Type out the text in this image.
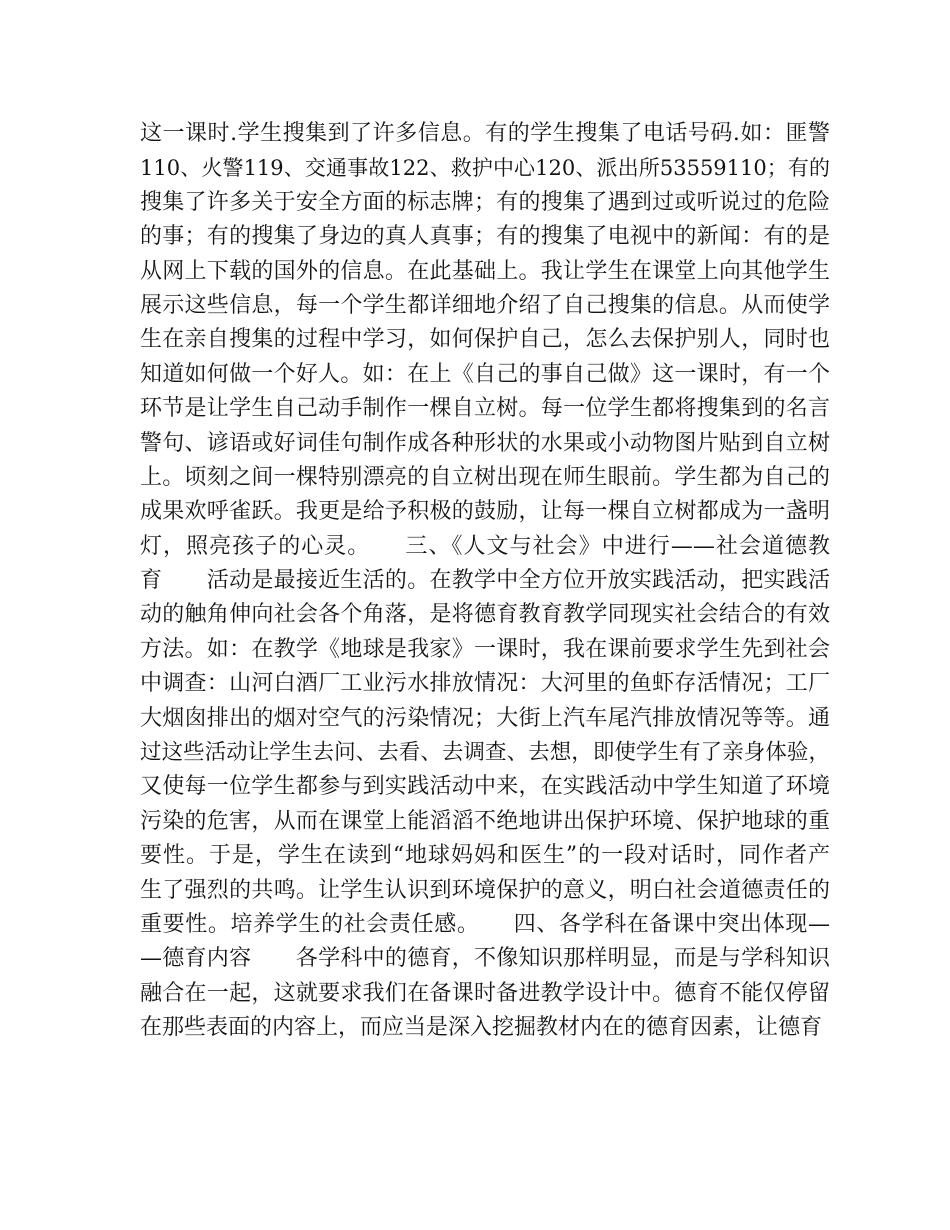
这一课时.学生搜集到了许多信息。有的学生搜集了电话号码.如：匪警
110、火警119、交通事故122、救护中心120、派出所53559110；有的
搜集了许多关于安全方面的标志牌；有的搜集了遇到过或听说过的危险
的事；有的搜集了身边的真人真事；有的搜集了电视中的新闻：有的是
从网上下载的国外的信息。在此基础上。我让学生在课堂上向其他学生
展示这些信息，每一个学生都详细地介绍了自己搜集的信息。从而使学
生在亲自搜集的过程中学习，如何保护自己，怎么去保护别人，同时也
知道如何做一个好人。如：在上《自己的事自己做》这一课时，有一个
环节是让学生自己动手制作一棵自立树。每一位学生都将搜集到的名言
警句、谚语或好词佳句制作成各种形状的水果或小动物图片贴到自立树
上。顷刻之间一棵特别漂亮的自立树出现在师生眼前。学生都为自己的
成果欢呼雀跃。我更是给予积极的鼓励，让每一棵自立树都成为一盏明
灯，照亮孩子的心灵。　　三、《人文与社会》中进行——社会道德教
育　　活动是最接近生活的。在教学中全方位开放实践活动，把实践活
动的触角伸向社会各个角落，是将德育教育教学同现实社会结合的有效
方法。如：在教学《地球是我家》一课时，我在课前要求学生先到社会
中调查：山河白酒厂工业污水排放情况：大河里的鱼虾存活情况；工厂
大烟囱排出的烟对空气的污染情况；大街上汽车尾汽排放情况等等。通
过这些活动让学生去问、去看、去调查、去想，即使学生有了亲身体验，
又使每一位学生都参与到实践活动中来，在实践活动中学生知道了环境
污染的危害，从而在课堂上能滔滔不绝地讲出保护环境、保护地球的重
要性。于是，学生在读到“地球妈妈和医生”的一段对话时，同作者产
生了强烈的共鸣。让学生认识到环境保护的意义，明白社会道德责任的
重要性。培养学生的社会责任感。　　四、各学科在备课中突出体现—
—德育内容　　各学科中的德育，不像知识那样明显，而是与学科知识
融合在一起，这就要求我们在备课时备进教学设计中。德育不能仅停留
在那些表面的内容上，而应当是深入挖掘教材内在的德育因素，让德育
